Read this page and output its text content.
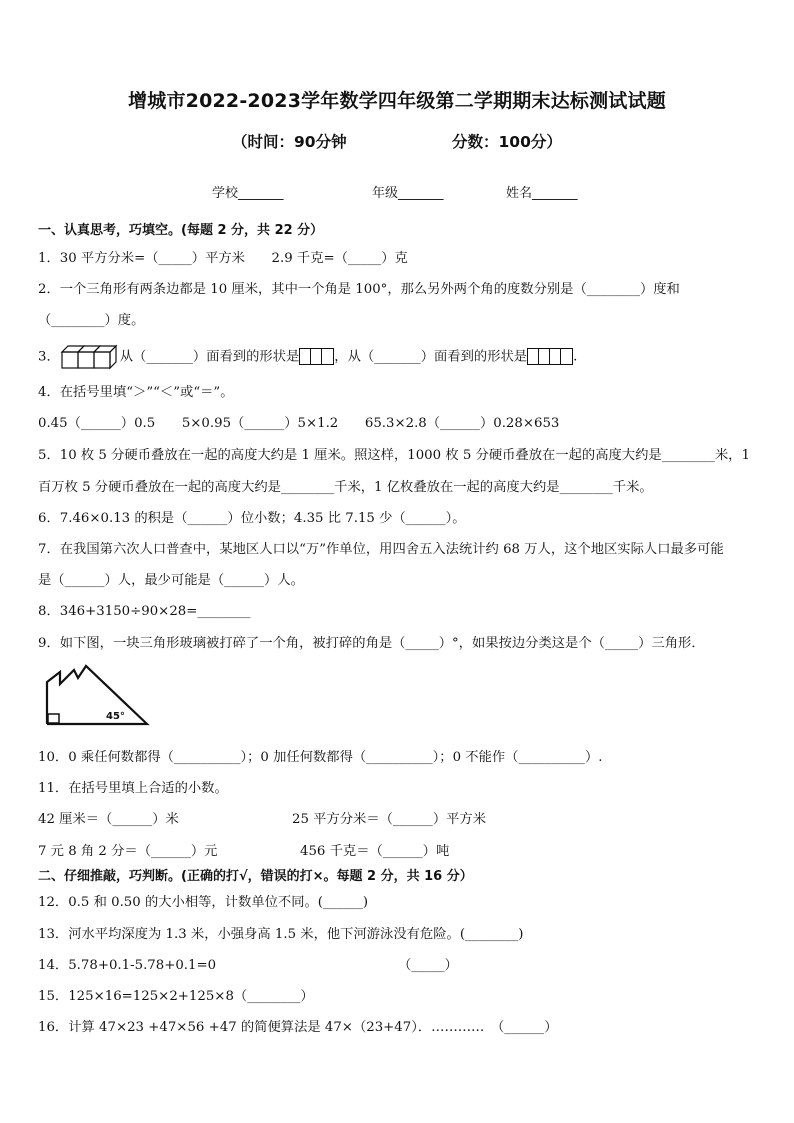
增城市2022-2023学年数学四年级第二学期期末达标测试试题
（时间：90分钟	分数：100分）
学校_______	年级_______	姓名_______
一、认真思考，巧填空。(每题 2 分，共 22 分）
1．30 平方分米=（_____）平方米　　2.9 千克=（_____）克
2．一个三角形有两条边都是 10 厘米，其中一个角是 100°，那么另外两个角的度数分别是（________）度和
（________）度。
3．	从（_______）面看到的形状是	，从（_______）面看到的形状是	.
4．在括号里填“＞”“＜”或“＝”。
0.45（______）0.5　　5×0.95（______）5×1.2　　65.3×2.8（______）0.28×653
5．10 枚 5 分硬币叠放在一起的高度大约是 1 厘米。照这样，1000 枚 5 分硬币叠放在一起的高度大约是________米，1
百万枚 5 分硬币叠放在一起的高度大约是________千米，1 亿枚叠放在一起的高度大约是________千米。
6．7.46×0.13 的积是（______）位小数；4.35 比 7.15 少（______）。
7．在我国第六次人口普查中，某地区人口以“万”作单位，用四舍五入法统计约 68 万人，这个地区实际人口最多可能
是（______）人，最少可能是（______）人。
8．346+3150÷90×28=________
9．如下图，一块三角形玻璃被打碎了一个角，被打碎的角是（_____）°，如果按边分类这是个（_____）三角形．
45°
10．0 乘任何数都得（__________）；0 加任何数都得（__________）；0 不能作（__________）.
11．在括号里填上合适的小数。
42 厘米＝（______）米	25 平方分米＝（______）平方米
7 元 8 角 2 分＝（______）元	456 千克＝（______）吨
二、仔细推敲，巧判断。(正确的打√，错误的打×。每题 2 分，共 16 分）
12．0.5 和 0.50 的大小相等，计数单位不同。(______)
13．河水平均深度为 1.3 米，小强身高 1.5 米，他下河游泳没有危险。(________)
14．5.78+0.1-5.78+0.1=0	（_____）
15．125×16=125×2+125×8（________）
16．计算 47×23 +47×56 +47 的简便算法是 47×（23+47）．…………　（______）
